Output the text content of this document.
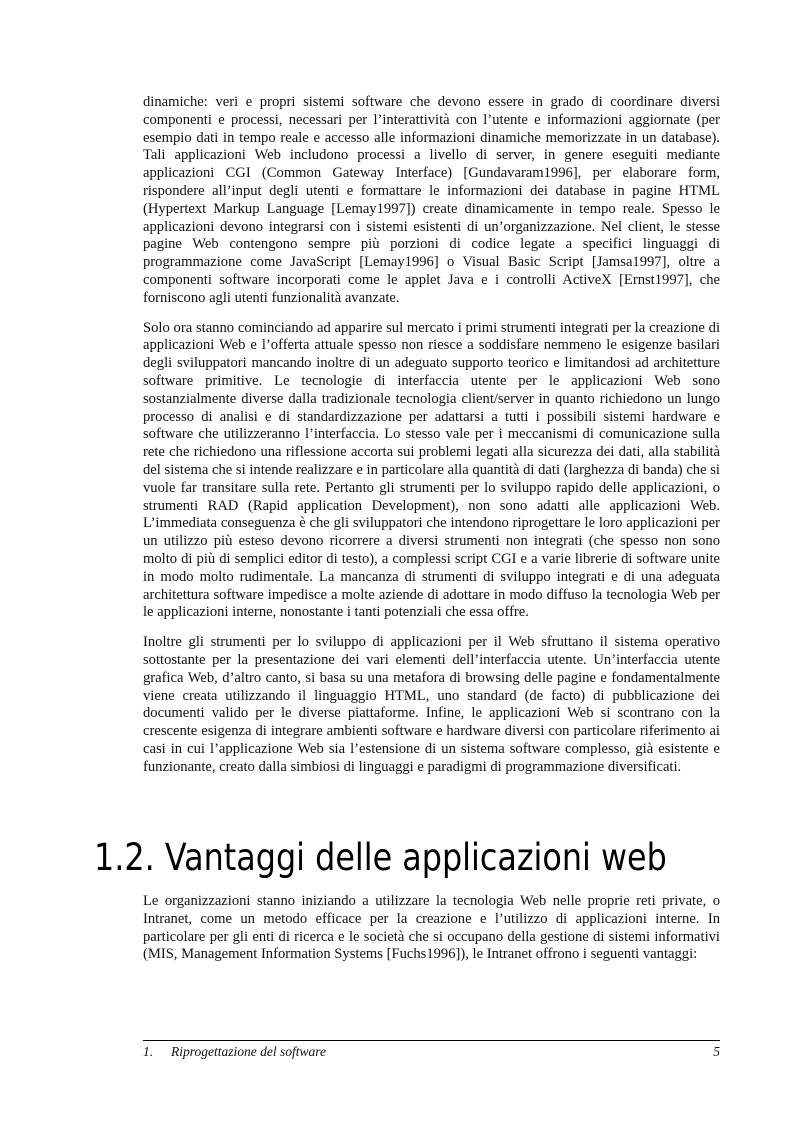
dinamiche: veri e propri sistemi software che devono essere in grado di coordinare diversi componenti e processi, necessari per l’interattività con l’utente e informazioni aggiornate (per esempio dati in tempo reale e accesso alle informazioni dinamiche memorizzate in un database). Tali applicazioni Web includono processi a livello di server, in genere eseguiti mediante applicazioni CGI (Common Gateway Interface) [Gundavaram1996], per elaborare form, rispondere all’input degli utenti e formattare le informazioni dei database in pagine HTML (Hypertext Markup Language [Lemay1997]) create dinamicamente in tempo reale. Spesso le applicazioni devono integrarsi con i sistemi esistenti di un’organizzazione. Nel client, le stesse pagine Web contengono sempre più porzioni di codice legate a specifici linguaggi di programmazione come JavaScript [Lemay1996] o Visual Basic Script [Jamsa1997], oltre a componenti software incorporati come le applet Java e i controlli ActiveX [Ernst1997], che forniscono agli utenti funzionalità avanzate.

Solo ora stanno cominciando ad apparire sul mercato i primi strumenti integrati per la creazione di applicazioni Web e l’offerta attuale spesso non riesce a soddisfare nemmeno le esigenze basilari degli sviluppatori mancando inoltre di un adeguato supporto teorico e limitandosi ad architetture software primitive. Le tecnologie di interfaccia utente per le applicazioni Web sono sostanzialmente diverse dalla tradizionale tecnologia client/server in quanto richiedono un lungo processo di analisi e di standardizzazione per adattarsi a tutti i possibili sistemi hardware e software che utilizzeranno l’interfaccia. Lo stesso vale per i meccanismi di comunicazione sulla rete che richiedono una riflessione accorta sui problemi legati alla sicurezza dei dati, alla stabilità del sistema che si intende realizzare e in particolare alla quantità di dati (larghezza di banda) che si vuole far transitare sulla rete. Pertanto gli strumenti per lo sviluppo rapido delle applicazioni, o strumenti RAD (Rapid application Development), non sono adatti alle applicazioni Web. L’immediata conseguenza è che gli sviluppatori che intendono riprogettare le loro applicazioni per un utilizzo più esteso devono ricorrere a diversi strumenti non integrati (che spesso non sono molto di più di semplici editor di testo), a complessi script CGI e a varie librerie di software unite in modo molto rudimentale. La mancanza di strumenti di sviluppo integrati e di una adeguata architettura software impedisce a molte aziende di adottare in modo diffuso la tecnologia Web per le applicazioni interne, nonostante i tanti potenziali che essa offre.

Inoltre gli strumenti per lo sviluppo di applicazioni per il Web sfruttano il sistema operativo sottostante per la presentazione dei vari elementi dell’interfaccia utente. Un’interfaccia utente grafica Web, d’altro canto, si basa su una metafora di browsing delle pagine e fondamentalmente viene creata utilizzando il linguaggio HTML, uno standard (de facto) di pubblicazione dei documenti valido per le diverse piattaforme. Infine, le applicazioni Web si scontrano con la crescente esigenza di integrare ambienti software e hardware diversi con particolare riferimento ai casi in cui l’applicazione Web sia l’estensione di un sistema software complesso, già esistente e funzionante, creato dalla simbiosi di linguaggi e paradigmi di programmazione diversificati.

1.2. Vantaggi delle applicazioni web

Le organizzazioni stanno iniziando a utilizzare la tecnologia Web nelle proprie reti private, o Intranet, come un metodo efficace per la creazione e l’utilizzo di applicazioni interne. In particolare per gli enti di ricerca e le società che si occupano della gestione di sistemi informativi (MIS, Management Information Systems [Fuchs1996]), le Intranet offrono i seguenti vantaggi:

1. Riprogettazione del software	5
